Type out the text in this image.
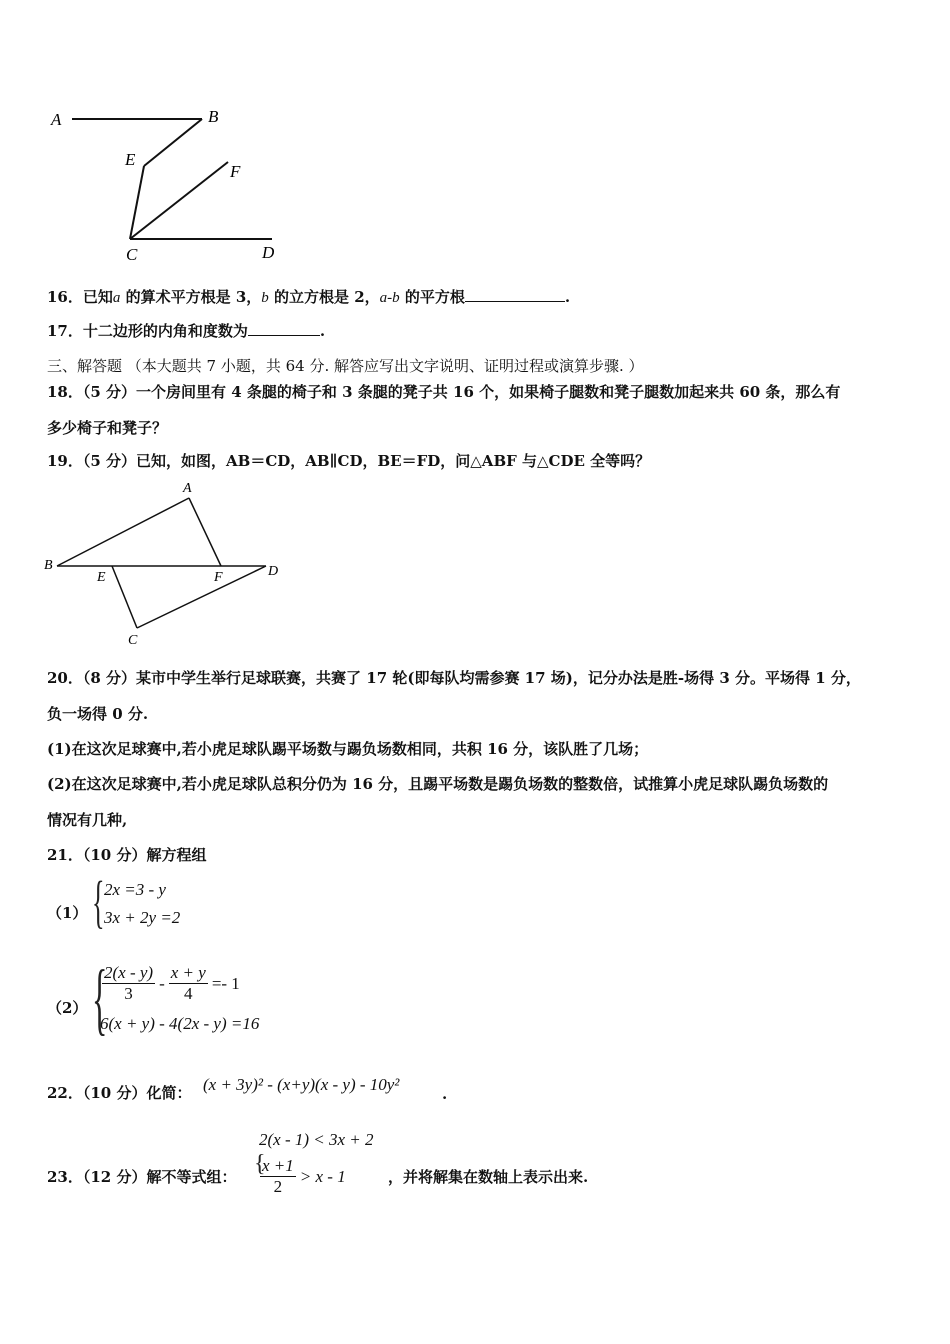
A	B
E
F
C	D
16．已知a 的算术平方根是 3，b 的立方根是 2，a-b 的平方根	.
17．十二边形的内角和度数为	.
三、解答题 （本大题共 7 小题，共 64 分. 解答应写出文字说明、证明过程或演算步骤. ）
18．（5 分）一个房间里有 4 条腿的椅子和 3 条腿的凳子共 16 个，如果椅子腿数和凳子腿数加起来共 60 条，那么有
多少椅子和凳子？
19．（5 分）已知，如图，AB＝CD，AB∥CD，BE＝FD，问△ABF 与△CDE 全等吗？
A
B
E	F	D
C
20．（8 分）某市中学生举行足球联赛，共赛了 17 轮(即每队均需参赛 17 场)，记分办法是胜-场得 3 分。平场得 1 分，
负一场得 0 分.
(1)在这次足球赛中,若小虎足球队踢平场数与踢负场数相同，共积 16 分，该队胜了几场；
(2)在这次足球赛中,若小虎足球队总积分仍为 16 分，且踢平场数是踢负场数的整数倍，试推算小虎足球队踢负场数的
情况有几种,
21．（10 分）解方程组
（1） { 2x =3 - y
3x + 2y =2
（2） {
$\frac{2(x - y)}{3} - \frac{x + y}{4} =- 1$
6(x + y) - 4(2x - y) =16
22．（10 分）化简： (x + 3y)² - (x+y)(x - y) - 10y²	.
2(x - 1) < 3x + 2
23．（12 分）解不等式组： {
$\frac{x +1}{2} > x - 1$	，并将解集在数轴上表示出来.
